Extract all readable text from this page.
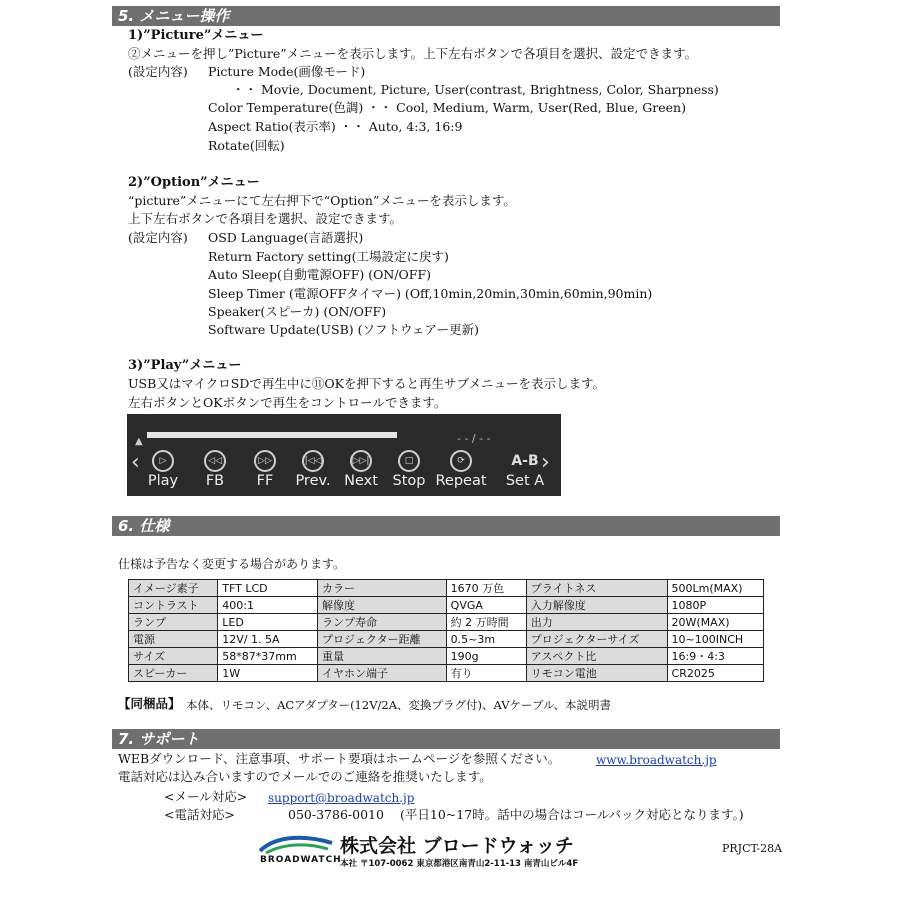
5. メニュー操作
1)”Picture”メニュー
②メニューを押し”Picture”メニューを表示します。上下左右ボタンで各項目を選択、設定できます。
(設定内容) Picture Mode(画像モード)
・・ Movie, Document, Picture, User(contrast, Brightness, Color, Sharpness)
Color Temperature(色調) ・・ Cool, Medium, Warm, User(Red, Blue, Green)
Aspect Ratio(表示率) ・・ Auto, 4:3, 16:9
Rotate(回転)
2)”Option”メニュー
“picture”メニューにて左右押下で“Option”メニューを表示します。
上下左右ボタンで各項目を選択、設定できます。
(設定内容) OSD Language(言語選択)
Return Factory setting(工場設定に戻す)
Auto Sleep(自動電源OFF) (ON/OFF)
Sleep Timer (電源OFFタイマー) (Off,10min,20min,30min,60min,90min)
Speaker(スピーカ) (ON/OFF)
Software Update(USB) (ソフトウェアー更新)
3)”Play”メニュー
USB又はマイクロSDで再生中に⑪OKを押下すると再生サブメニューを表示します。
左右ボタンとOKボタンで再生をコントロールできます。
▲	- - / - -
‹	›
▷
Play
◁◁
FB
▷▷
FF
|◁◁
Prev.
▷▷|
Next
□
Stop
⟳
Repeat
A-B
Set A
6. 仕様
仕様は予告なく変更する場合があります。
イメージ素子	TFT LCD	カラー	1670 万色	ブライトネス	500Lm(MAX)
コントラスト	400:1	解像度	QVGA	入力解像度	1080P
ランプ	LED	ランプ寿命	約 2 万時間	出力	20W(MAX)
電源	12V/ 1. 5A	プロジェクター距離	0.5~3m	プロジェクターサイズ	10~100INCH
サイズ	58*87*37mm	重量	190g	アスペクト比	16:9・4:3
スピーカー	1W	イヤホン端子	有り	リモコン電池	CR2025
【同梱品】 本体、リモコン、ACアダプター(12V/2A、変換プラグ付)、AVケーブル、本説明書
7. サポート
WEBダウンロード、注意事項、サポート要項はホームページを参照ください。	www.broadwatch.jp
電話対応は込み合いますのでメールでのご連絡を推奨いたします。
<メール対応> support@broadwatch.jp
<電話対応>	050-3786-0010 (平日10~17時。話中の場合はコールバック対応となります。)
BROADWATCH
株式会社 ブロードウォッチ
本社 〒107-0062 東京都港区南青山2-11-13 南青山ビル4F
PRJCT-28A
